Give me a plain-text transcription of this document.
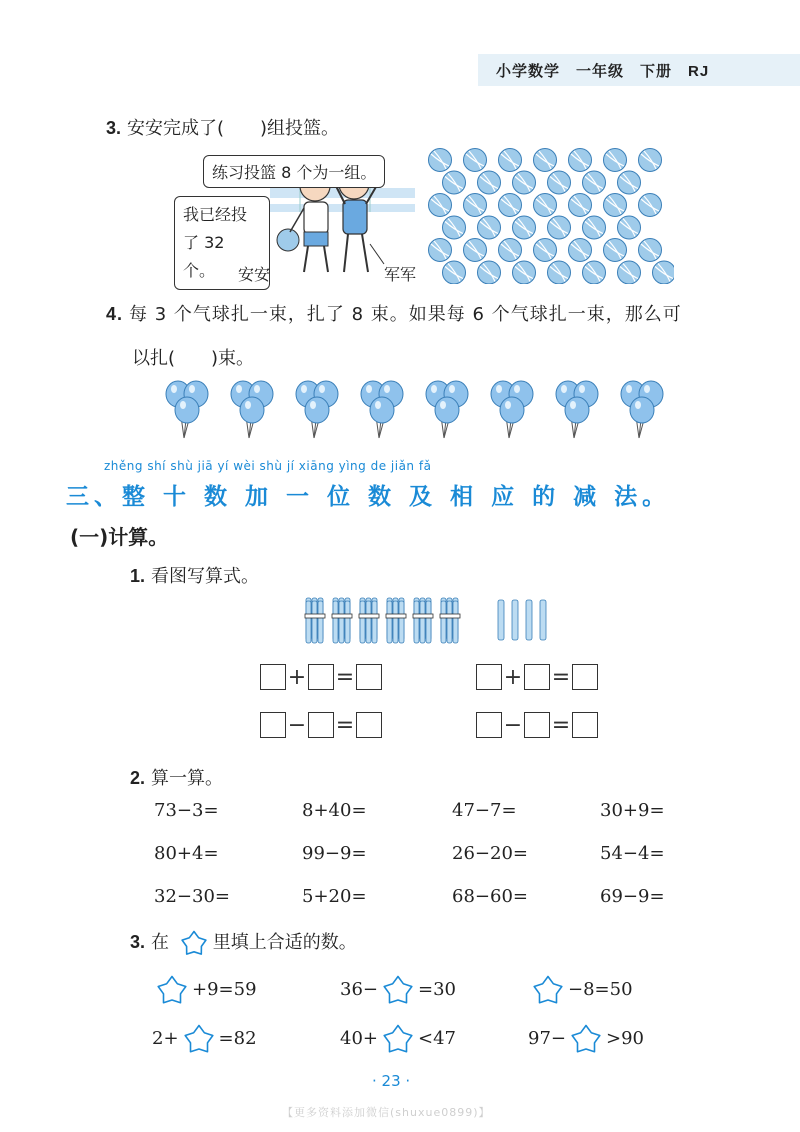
小学数学　一年级　下册　RJ
3. 安安完成了(　　)组投篮。
练习投篮 8 个为一组。
我已经投
了 32 个。	安安	军军
4. 每 3 个气球扎一束，扎了 8 束。如果每 6 个气球扎一束，那么可
以扎(　　)束。
zhěng shí shù jiā yí wèi shù jí xiāng yìng de jiǎn fǎ
三、整 十 数 加 一 位 数 及 相 应 的 减 法。
(一)计算。
1. 看图写算式。
+ =	+ =
− =	− =
2. 算一算。
73−3=	8+40=	47−7=	30+9=
80+4=	99−9=	26−20=	54−4=
32−30=	5+20=	68−60=	69−9=
3. 在 里填上合适的数。
+9=59	36− =30	−8=50
2+ =82	40+ <47	97− >90
· 23 ·
【更多资料添加微信(shuxue0899)】
